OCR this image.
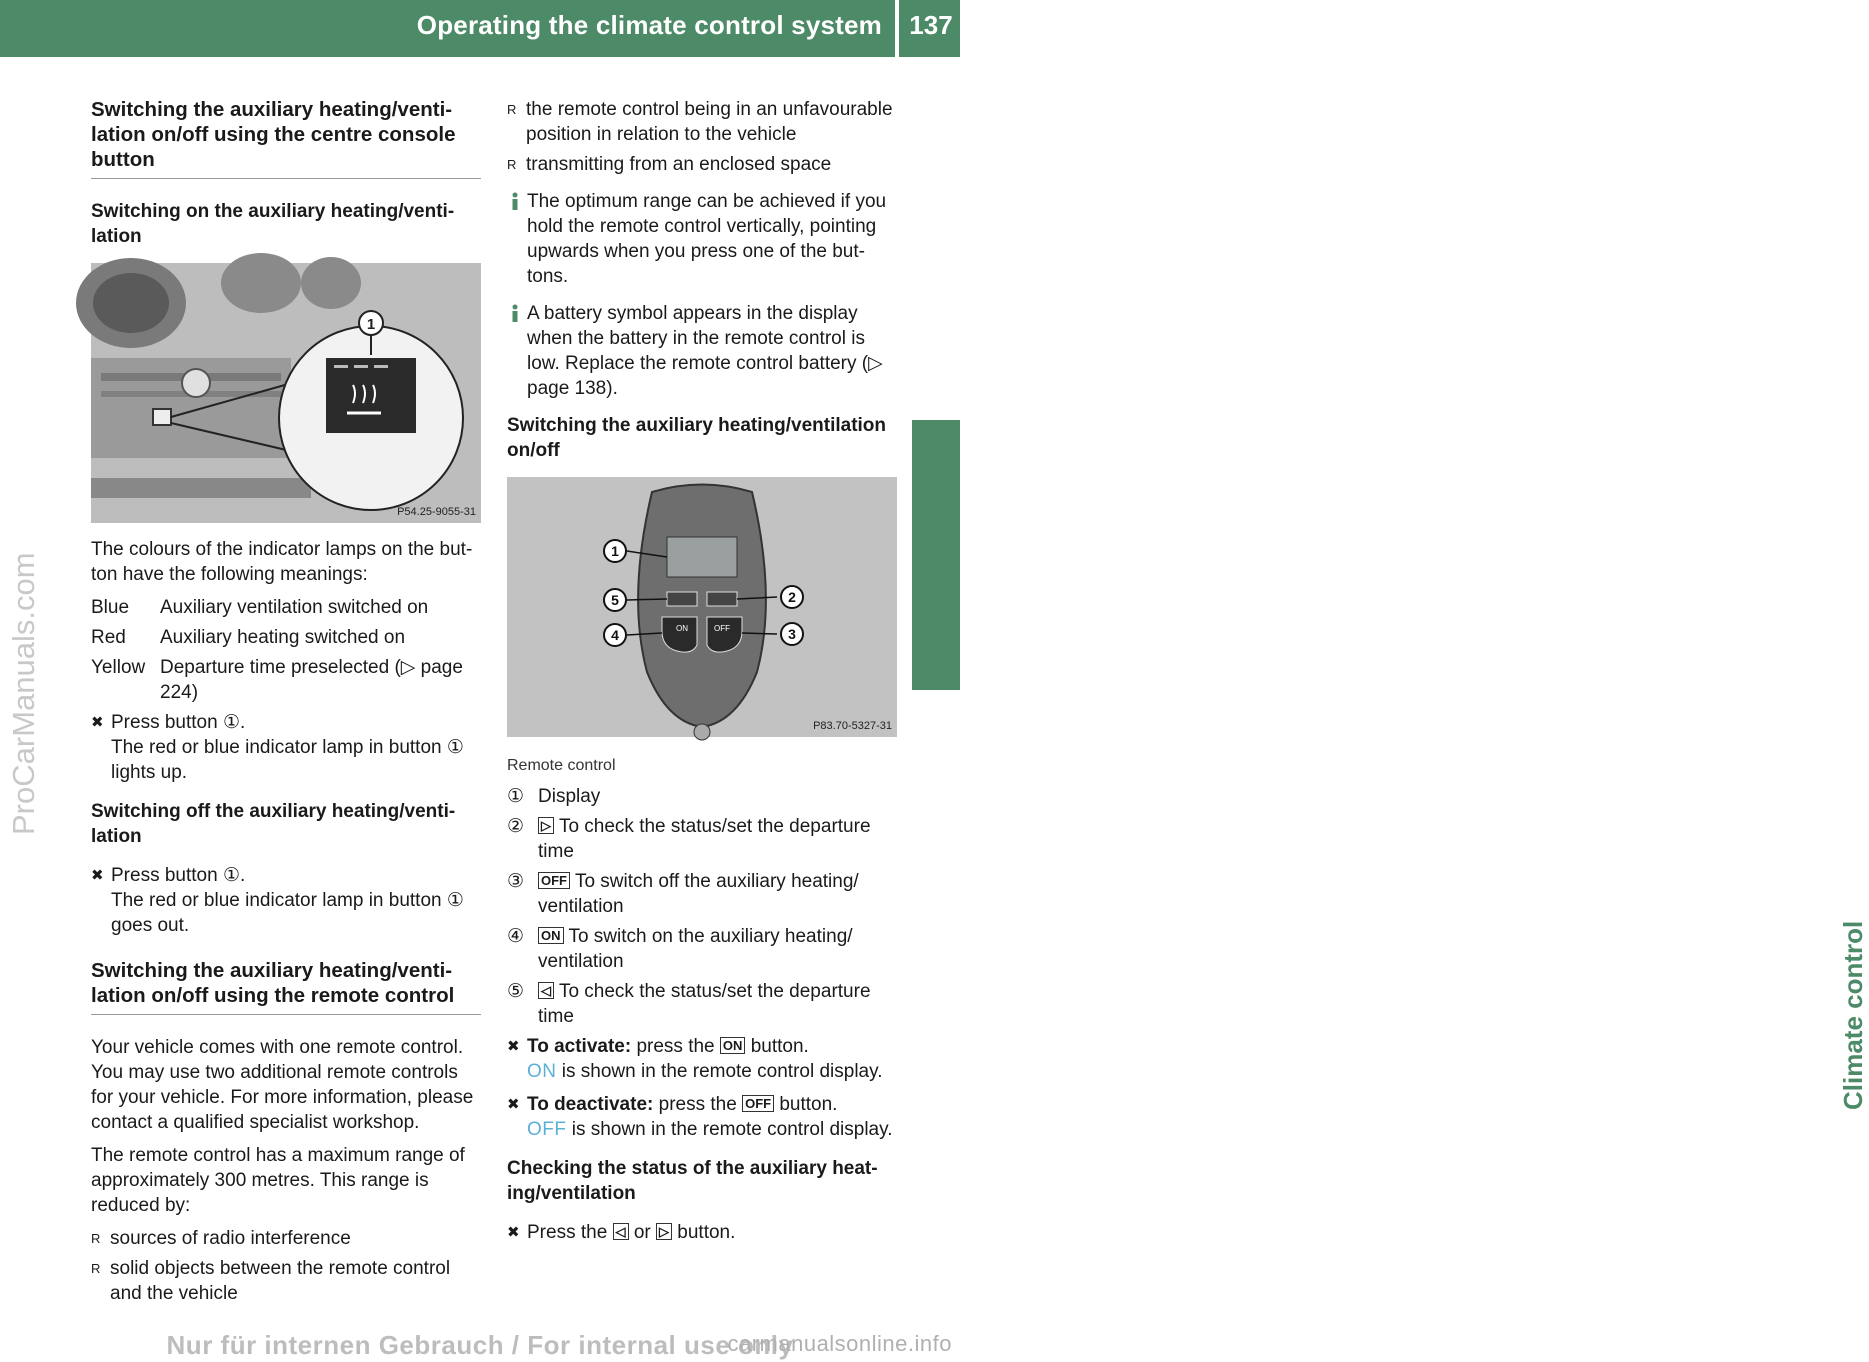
Operating the climate control system 137
Climate control
ProCarManuals.com
Nur für internen Gebrauch / For internal use only
carmanualsonline.info
Switching the auxiliary heating/ventilation on/off using the centre console button
Switching on the auxiliary heating/ventilation
1
P54.25-9055-31

The colours of the indicator lamps on the button have the following meanings:

Blue	Auxiliary ventilation switched on
Red	Auxiliary heating switched on
Yellow Departure time preselected (▷ page 224)
✖ Press button ①.
The red or blue indicator lamp in button ① lights up.
Switching off the auxiliary heating/ventilation
✖ Press button ①.
The red or blue indicator lamp in button ① goes out.
Switching the auxiliary heating/ventilation on/off using the remote control

Your vehicle comes with one remote control. You may use two additional remote controls for your vehicle. For more information, please contact a qualified specialist workshop.

The remote control has a maximum range of approximately 300 metres. This range is reduced by:

R sources of radio interference
R solid objects between the remote control and the vehicle
R the remote control being in an unfavourable position in relation to the vehicle
R transmitting from an enclosed space
The optimum range can be achieved if you hold the remote control vertically, pointing upwards when you press one of the buttons.
A battery symbol appears in the display when the battery in the remote control is low. Replace the remote control battery (▷ page 138).
Switching the auxiliary heating/ventilation on/off
ON	OFF
1
2
3
4
5
P83.70-5327-31
Remote control
① Display
② ▷ To check the status/set the departure time
③ OFF To switch off the auxiliary heating/ ventilation
④ ON To switch on the auxiliary heating/ ventilation
⑤ ◁ To check the status/set the departure time
✖ To activate: press the ON button.
ON is shown in the remote control display.
✖ To deactivate: press the OFF button.
OFF is shown in the remote control display.
Checking the status of the auxiliary heating/ventilation
✖ Press the ◁ or ▷ button.
